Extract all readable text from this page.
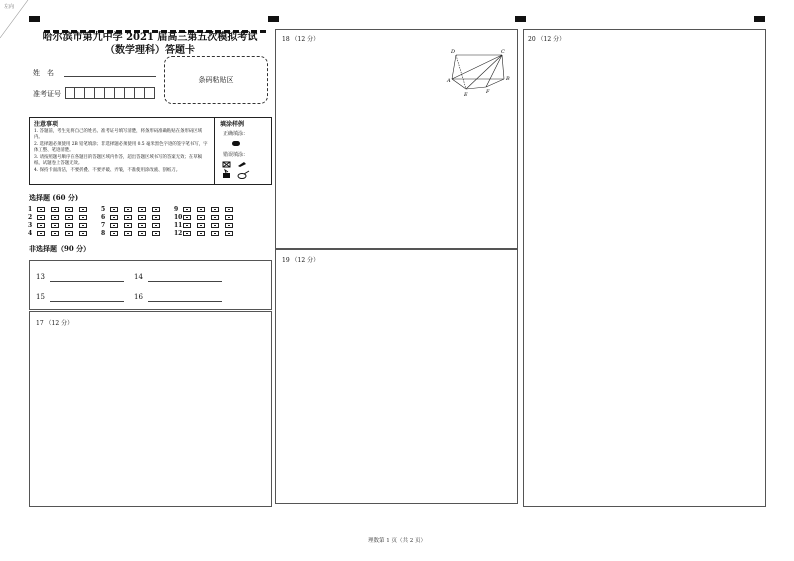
左向
哈尔滨市第九中学 2021 届高三第五次模拟考试
（数学理科）答题卡
姓　名
准考证号
条码粘贴区
注意事项
1. 答题前，考生先将自己的姓名、准考证号填写清楚，将条形码准确粘贴在条形码区域内。
2. 选择题必须使用 2B 铅笔填涂；非选择题必须使用 0.5 毫米黑色字迹的签字笔书写，字体工整、笔迹清楚。
3. 请按照题号顺序在各题目的答题区域内作答，超出答题区域书写的答案无效；在草稿纸、试题卷上答题无效。
4. 保持卡面清洁，不要折叠、不要弄破、弄皱，不准使用涂改液、刮纸刀。
填涂样例
正确填涂：
错误填涂：
选择题 (60 分)
1	5	9
2	6	10
3	7	11
4	8	12
非选择题（90 分）
13	14
15	16
17 （12 分）
18 （12 分）
D	C
A	B
E	F
19 （12 分）
20 （12 分）
理数第 1 页（共 2 页）
